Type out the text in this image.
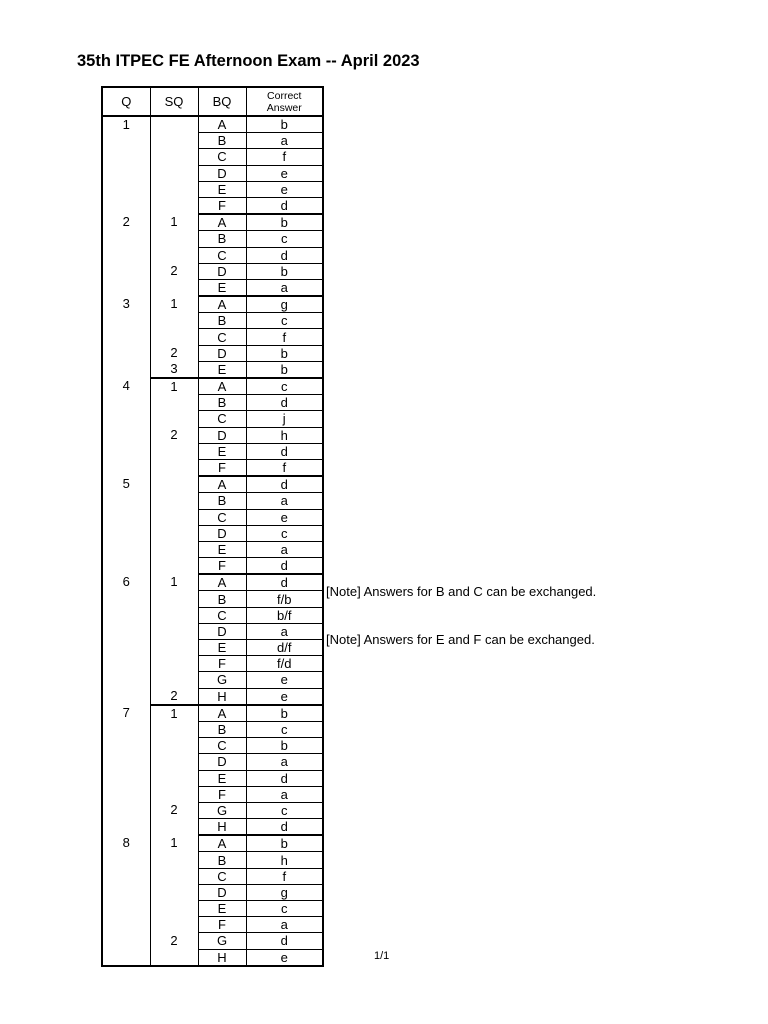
35th ITPEC FE Afternoon Exam -- April 2023
Q	SQ	BQ	Correct
Answer
1		A	b
		B	a
		C	f
		D	e
		E	e
		F	d
2	1	A	b
		B	c
		C	d
	2	D	b
		E	a
3	1	A	g
		B	c
		C	f
	2	D	b
	3	E	b
4	1	A	c
		B	d
		C	j
	2	D	h
		E	d
		F	f
5		A	d
		B	a
		C	e
		D	c
		E	a
		F	d
6	1	A	d
		B	f/b
		C	b/f
		D	a
		E	d/f
		F	f/d
		G	e
	2	H	e
7	1	A	b
		B	c
		C	b
		D	a
		E	d
		F	a
	2	G	c
		H	d
8	1	A	b
		B	h
		C	f
		D	g
		E	c
		F	a
	2	G	d
		H	e
[Note] Answers for B and C can be exchanged.
[Note] Answers for E and F can be exchanged.
1/1
